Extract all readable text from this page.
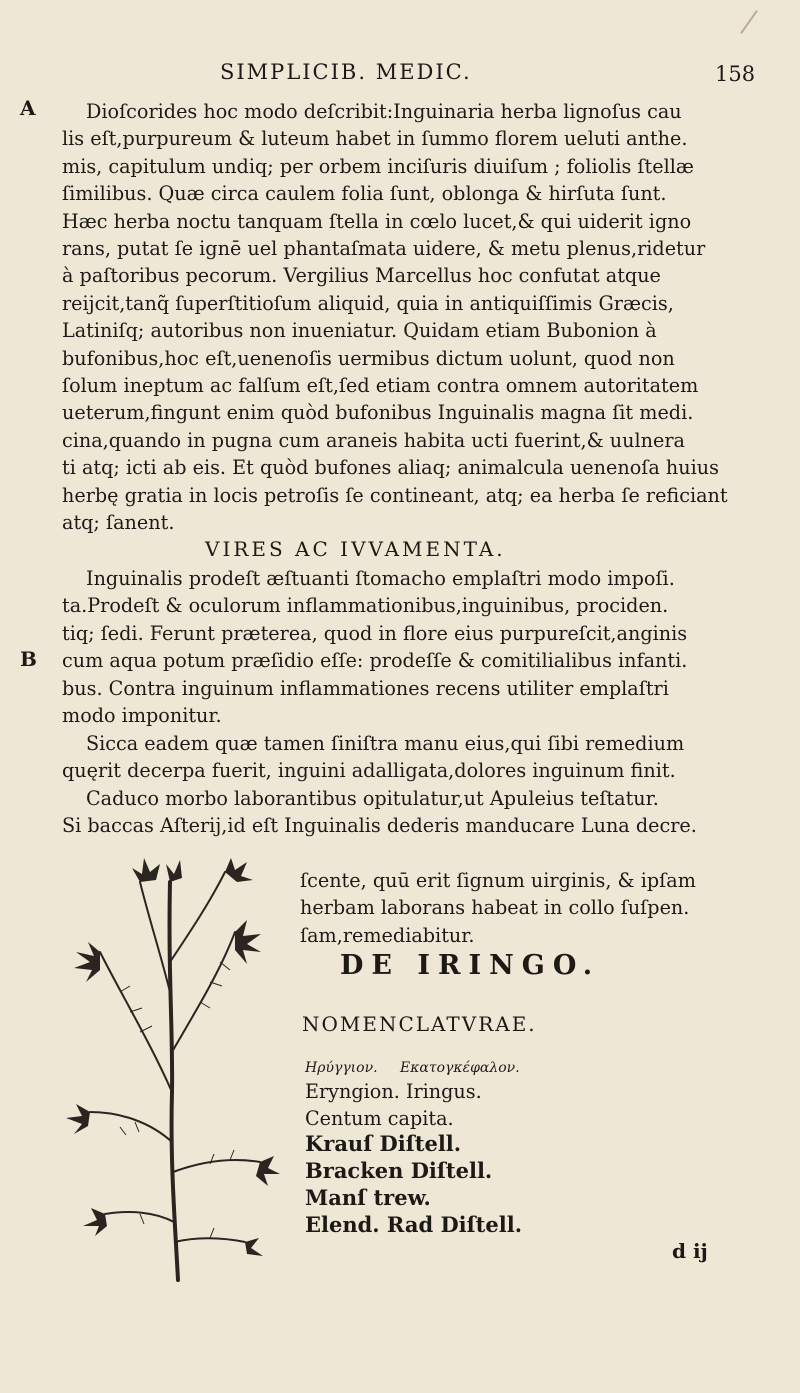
SIMPLICIB. MEDIC.	158
A
B

Dioſcorides hoc modo deſcribit:Inguinaria herba lignoſus cau

lis eſt,purpureum & luteum habet in ſummo florem ueluti anthe.

mis, capitulum undiq; per orbem inciſuris diuiſum ; foliolis ſtellæ

ſimilibus. Quæ circa caulem folia ſunt, oblonga & hirſuta ſunt.

Hæc herba noctu tanquam ſtella in cœlo lucet,& qui uiderit igno

rans, putat ſe ignē uel phantaſmata uidere, & metu plenus,ridetur

à paſtoribus pecorum. Vergilius Marcellus hoc confutat atque

reijcit,tanq̃ ſuperſtitioſum aliquid, quia in antiquiſſimis Græcis,

Latiniſq; autoribus non inueniatur. Quidam etiam Bubonion à

bufonibus,hoc eſt,uenenoſis uermibus dictum uolunt, quod non

ſolum ineptum ac falſum eſt,ſed etiam contra omnem autoritatem

ueterum,fingunt enim quòd bufonibus Inguinalis magna ſit medi.

cina,quando in pugna cum araneis habita ucti fuerint,& uulnera

ti atq; icti ab eis. Et quòd bufones aliaq; animalcula uenenoſa huius

herbę gratia in locis petroſis ſe contineant, atq; ea herba ſe reficiant

atq; ſanent.

VIRES AC IVVAMENTA.

Inguinalis prodeſt æſtuanti ſtomacho emplaſtri modo impoſi.

ta.Prodeſt & oculorum inflammationibus,inguinibus, prociden.

tiq; ſedi. Ferunt præterea, quod in flore eius purpureſcit,anginis

cum aqua potum præſidio eſſe: prodeſſe & comitilialibus infanti.

bus. Contra inguinum inflammationes recens utiliter emplaſtri

modo imponitur.

Sicca eadem quæ tamen ſiniſtra manu eius,qui ſibi remedium

quęrit decerpa fuerit, inguini adalligata,dolores inguinum finit.

Caduco morbo laborantibus opitulatur,ut Apuleius teſtatur.

Si baccas Aſterij,id eſt Inguinalis dederis manducare Luna decre.

ſcente, quū erit ſignum uirginis, & ipſam

herbam laborans habeat in collo ſuſpen.

ſam,remediabitur.

DE IRINGO.
NOMENCLATVRAE.
Ηρύγγιον. Εκατογκέφαλον.
Eryngion. Iringus.
Centum capita.
Krauſ Diſtell.
Bracken Diſtell.
Manſ trew.
Elend. Rad Diſtell.
d ij
